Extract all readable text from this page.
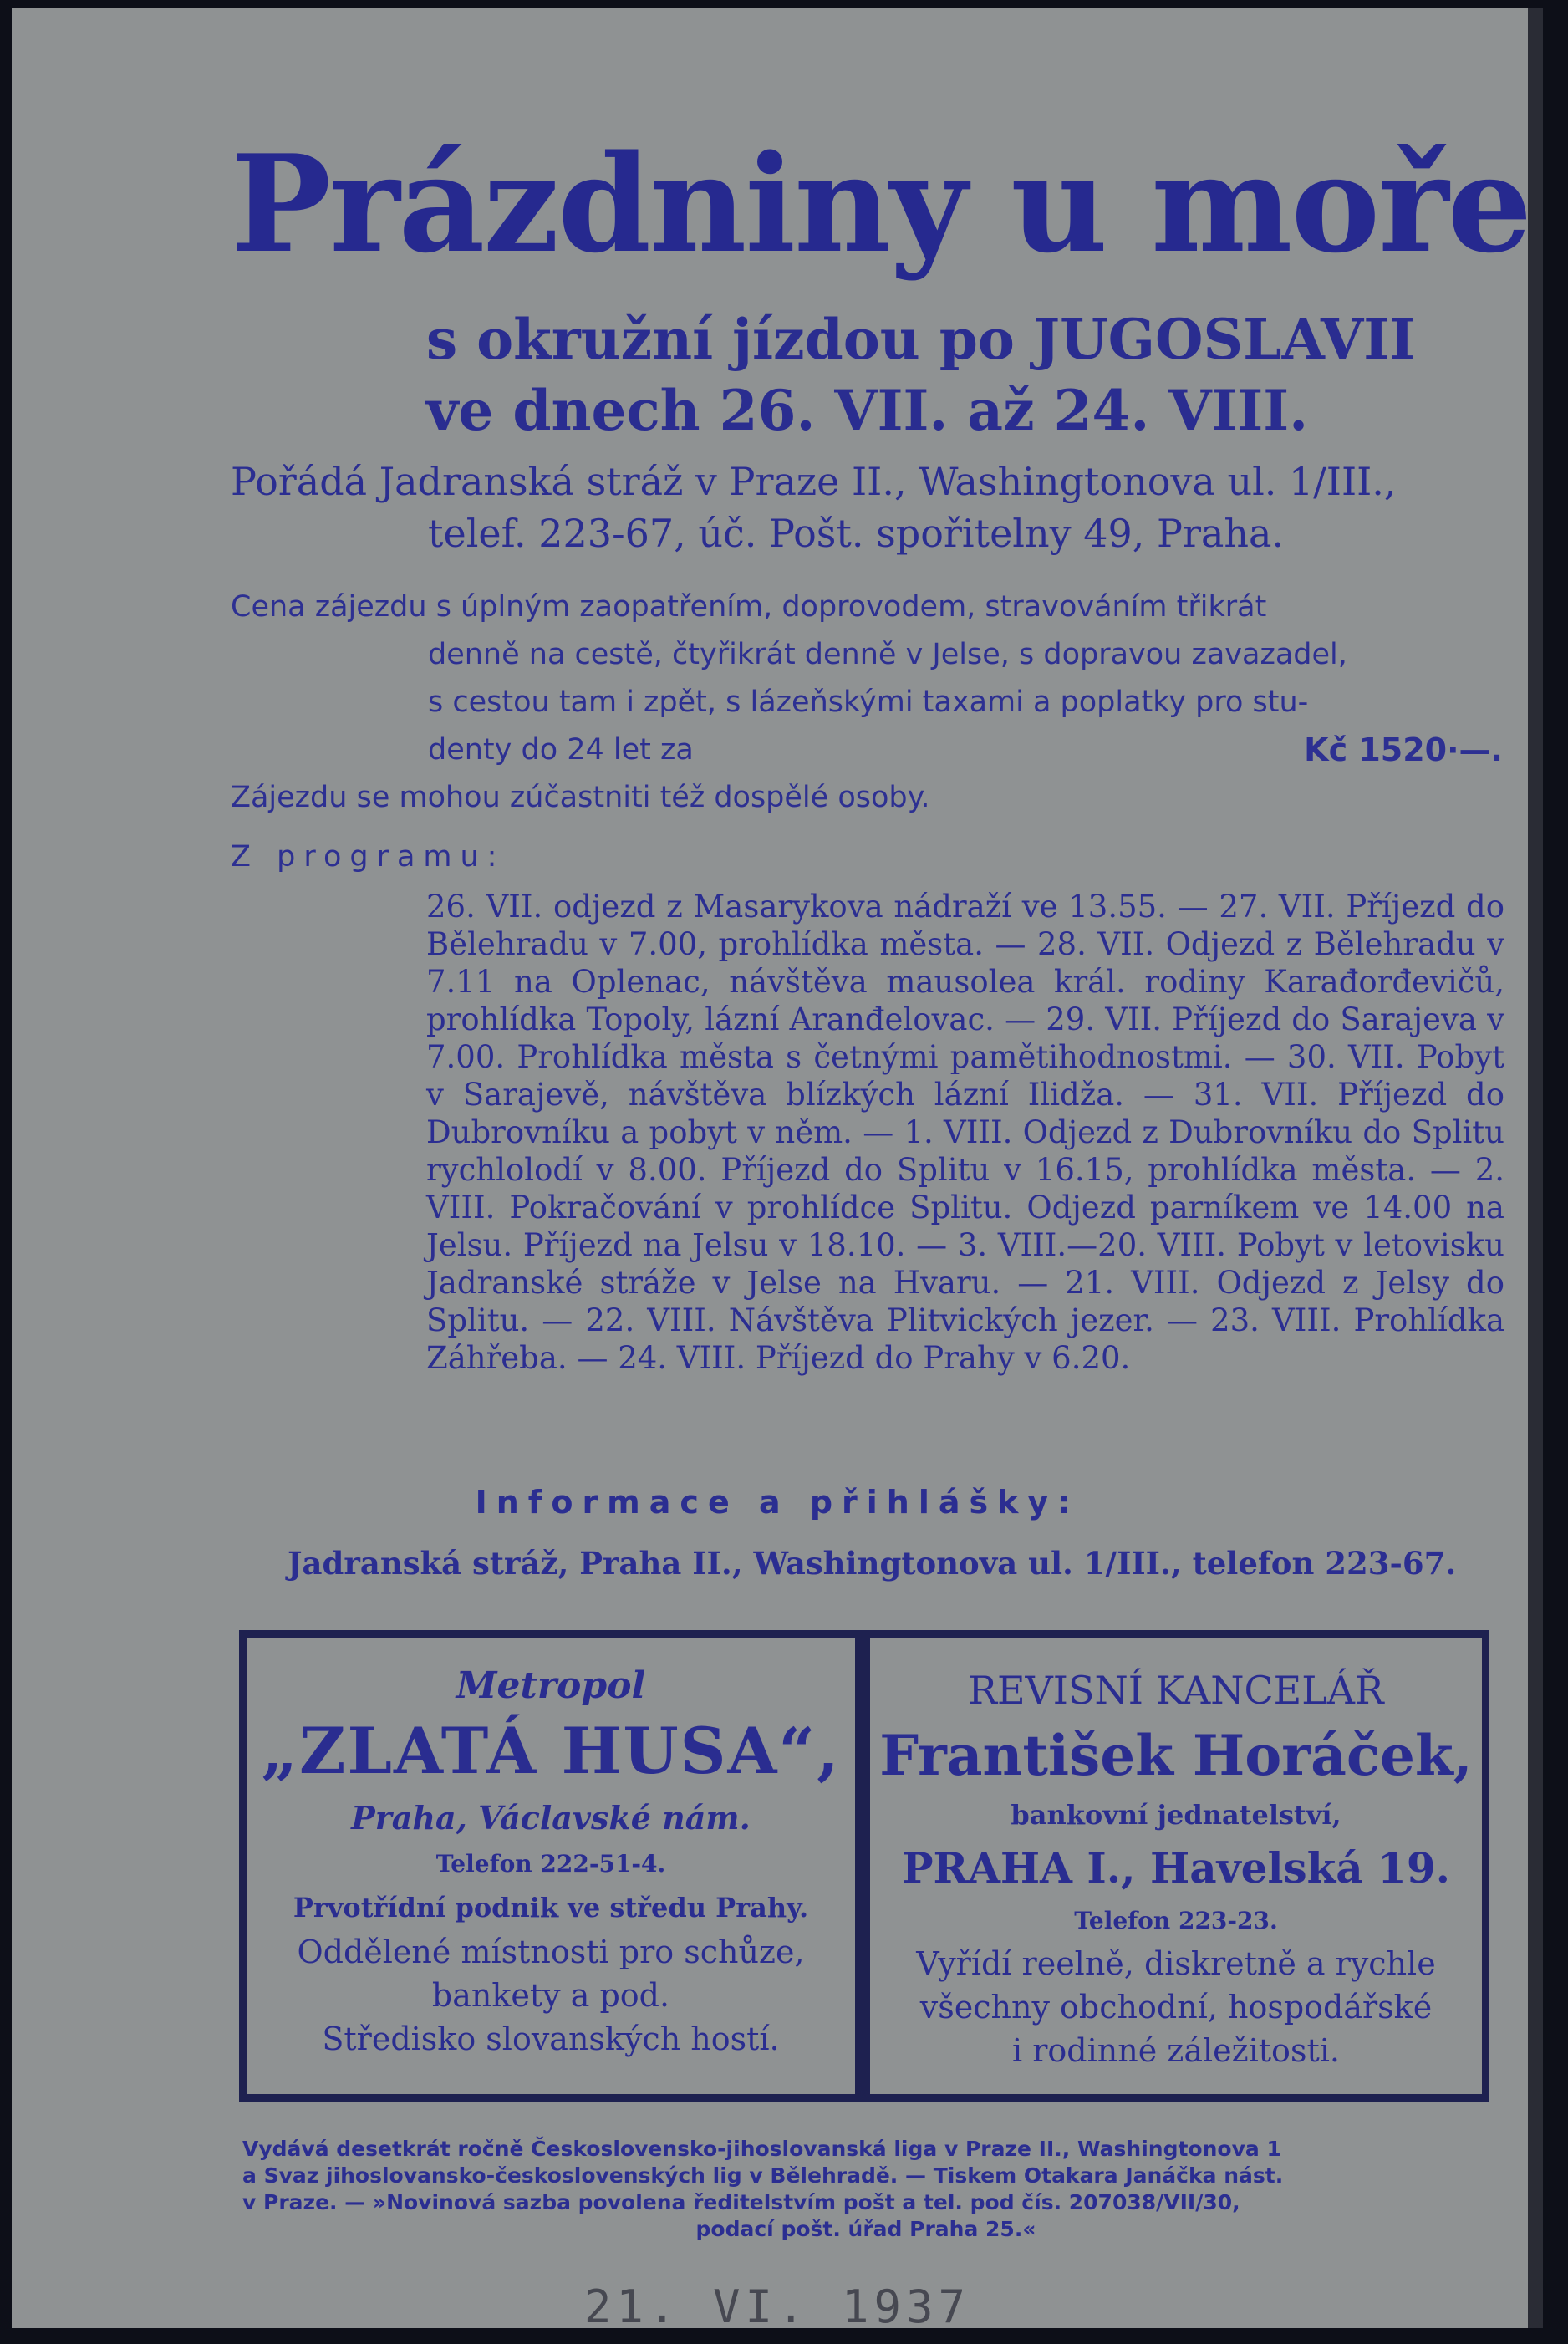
Prázdniny u moře
s okružní jízdou po JUGOSLAVII
ve dnech 26. VII. až 24. VIII.
Pořádá Jadranská stráž v Praze II., Washingtonova ul. 1/III.,
telef. 223-67, úč. Pošt. spořitelny 49, Praha.
Cena zájezdu s úplným zaopatřením, doprovodem, stravováním třikrát
denně na cestě, čtyřikrát denně v Jelse, s dopravou zavazadel,
s cestou tam i zpět, s lázeňskými taxami a poplatky pro stu-
denty do 24 let za	Kč 1520·—.
Zájezdu se mohou zúčastniti též dospělé osoby.
Z programu:

26. VII. odjezd z Masarykova nádraží ve 13.55. — 27. VII. Příjezd do Bělehradu v 7.00, prohlídka města. — 28. VII. Odjezd z Bělehradu v 7.11 na Oplenac, návštěva mausolea král. rodiny Karađorđevičů, prohlídka Topoly, lázní Aranđelovac. — 29. VII. Příjezd do Sarajeva v 7.00. Prohlídka města s četnými pamětihodnostmi. — 30. VII. Pobyt v Sarajevě, návštěva blízkých lázní Ilidža. — 31. VII. Příjezd do Dubrovníku a pobyt v něm. — 1. VIII. Odjezd z Dubrovníku do Splitu rychlolodí v 8.00. Příjezd do Splitu v 16.15, prohlídka města. — 2. VIII. Pokračování v prohlídce Splitu. Odjezd parníkem ve 14.00 na Jelsu. Příjezd na Jelsu v 18.10. — 3. VIII.—20. VIII. Pobyt v letovisku Jadranské stráže v Jelse na Hvaru. — 21. VIII. Odjezd z Jelsy do Splitu. — 22. VIII. Návštěva Plitvických jezer. — 23. VIII. Prohlídka Záhřeba. — 24. VIII. Příjezd do Prahy v 6.20.

Informace a přihlášky:
Jadranská stráž, Praha II., Washingtonova ul. 1/III., telefon 223-67.

Metropol

„ZLATÁ HUSA“,

Praha, Václavské nám.

Telefon 222-51-4.

Prvotřídní podnik ve středu Prahy.

Oddělené místnosti pro schůze,

bankety a pod.

Středisko slovanských hostí.

REVISNÍ KANCELÁŘ

František Horáček,

bankovní jednatelství,

PRAHA I., Havelská 19.

Telefon 223-23.

Vyřídí reelně, diskretně a rychle

všechny obchodní, hospodářské

i rodinné záležitosti.

Vydává desetkrát ročně Československo-jihoslovanská liga v Praze II., Washingtonova 1
a Svaz jihoslovansko-československých lig v Bělehradě. — Tiskem Otakara Janáčka nást.
v Praze. — »Novinová sazba povolena ředitelstvím pošt a tel. pod čís. 207038/VII/30,
podací pošt. úřad Praha 25.«
21. VI. 1937
